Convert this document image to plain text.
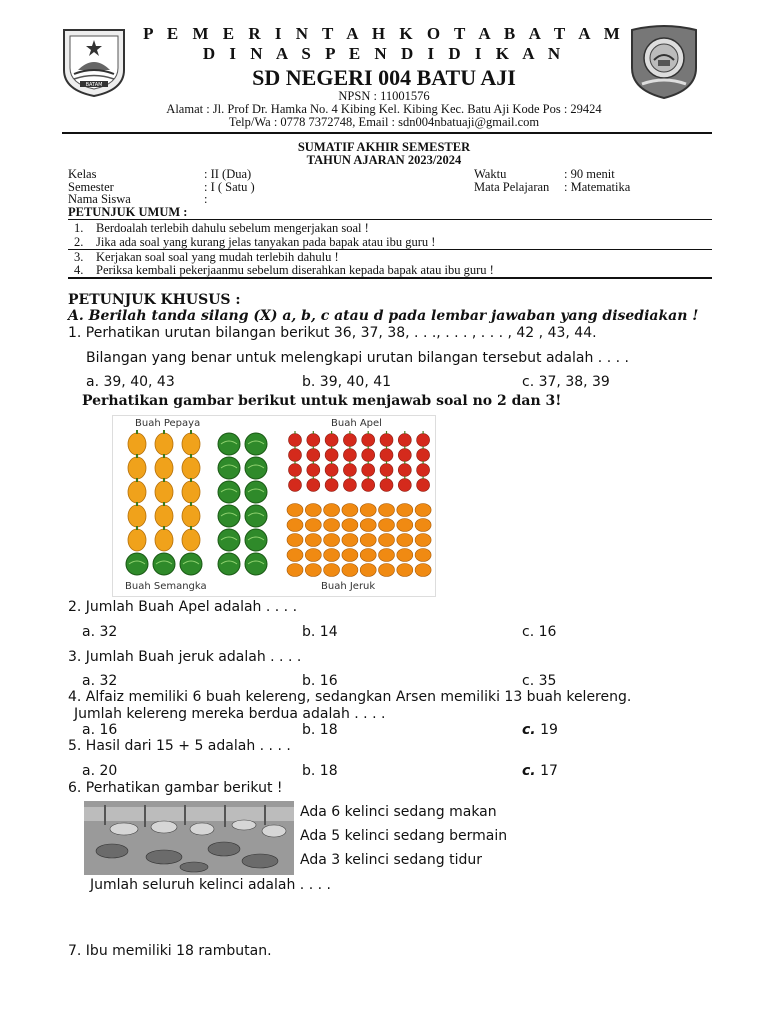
BATAM
P E M E R I N T A H K O T A B A T A M
D I N A S P E N D I D I K A N
SD NEGERI 004 BATU AJI
NPSN : 11001576
Alamat : Jl. Prof Dr. Hamka No. 4 Kibing Kel. Kibing Kec. Batu Aji Kode Pos : 29424
Telp/Wa : 0778 7372748, Email : sdn004nbatuaji@gmail.com
SUMATIF AKHIR SEMESTER
TAHUN AJARAN 2023/2024
Kelas	: II (Dua)
Semester	: I ( Satu )
Nama Siswa	:
Waktu	: 90 menit
Mata Pelajaran : Matematika
PETUNJUK UMUM :
1. Berdoalah terlebih dahulu sebelum mengerjakan soal !
2. Jika ada soal yang kurang jelas tanyakan pada bapak atau ibu guru !
3. Kerjakan soal soal yang mudah terlebih dahulu !
4. Periksa kembali pekerjaanmu sebelum diserahkan kepada bapak atau ibu guru !
PETUNJUK KHUSUS :
A. Berilah tanda silang (X) a, b, c atau d pada lembar jawaban yang disediakan !
1. Perhatikan urutan bilangan berikut 36, 37, 38, . . ., . . . , . . . , 42 , 43, 44.
Bilangan yang benar untuk melengkapi urutan bilangan tersebut adalah . . . .
a. 39, 40, 43	b. 39, 40, 41	c. 37, 38, 39
Perhatikan gambar berikut untuk menjawab soal no 2 dan 3!
Buah Pepaya	Buah Apel
Buah Semangka	Buah Jeruk
2. Jumlah Buah Apel adalah . . . .
a. 32	b. 14	c. 16
3. Jumlah Buah jeruk adalah . . . .
a. 32	b. 16	c. 35
4. Alfaiz memiliki 6 buah kelereng, sedangkan Arsen memiliki 13 buah kelereng.
Jumlah kelereng mereka berdua adalah . . . .
a. 16	b. 18	c. 19
5. Hasil dari 15 + 5 adalah . . . .
a. 20	b. 18	c. 17
6. Perhatikan gambar berikut !
Ada 6 kelinci sedang makan
Ada 5 kelinci sedang bermain
Ada 3 kelinci sedang tidur
Jumlah seluruh kelinci adalah . . . .
7. Ibu memiliki 18 rambutan.
